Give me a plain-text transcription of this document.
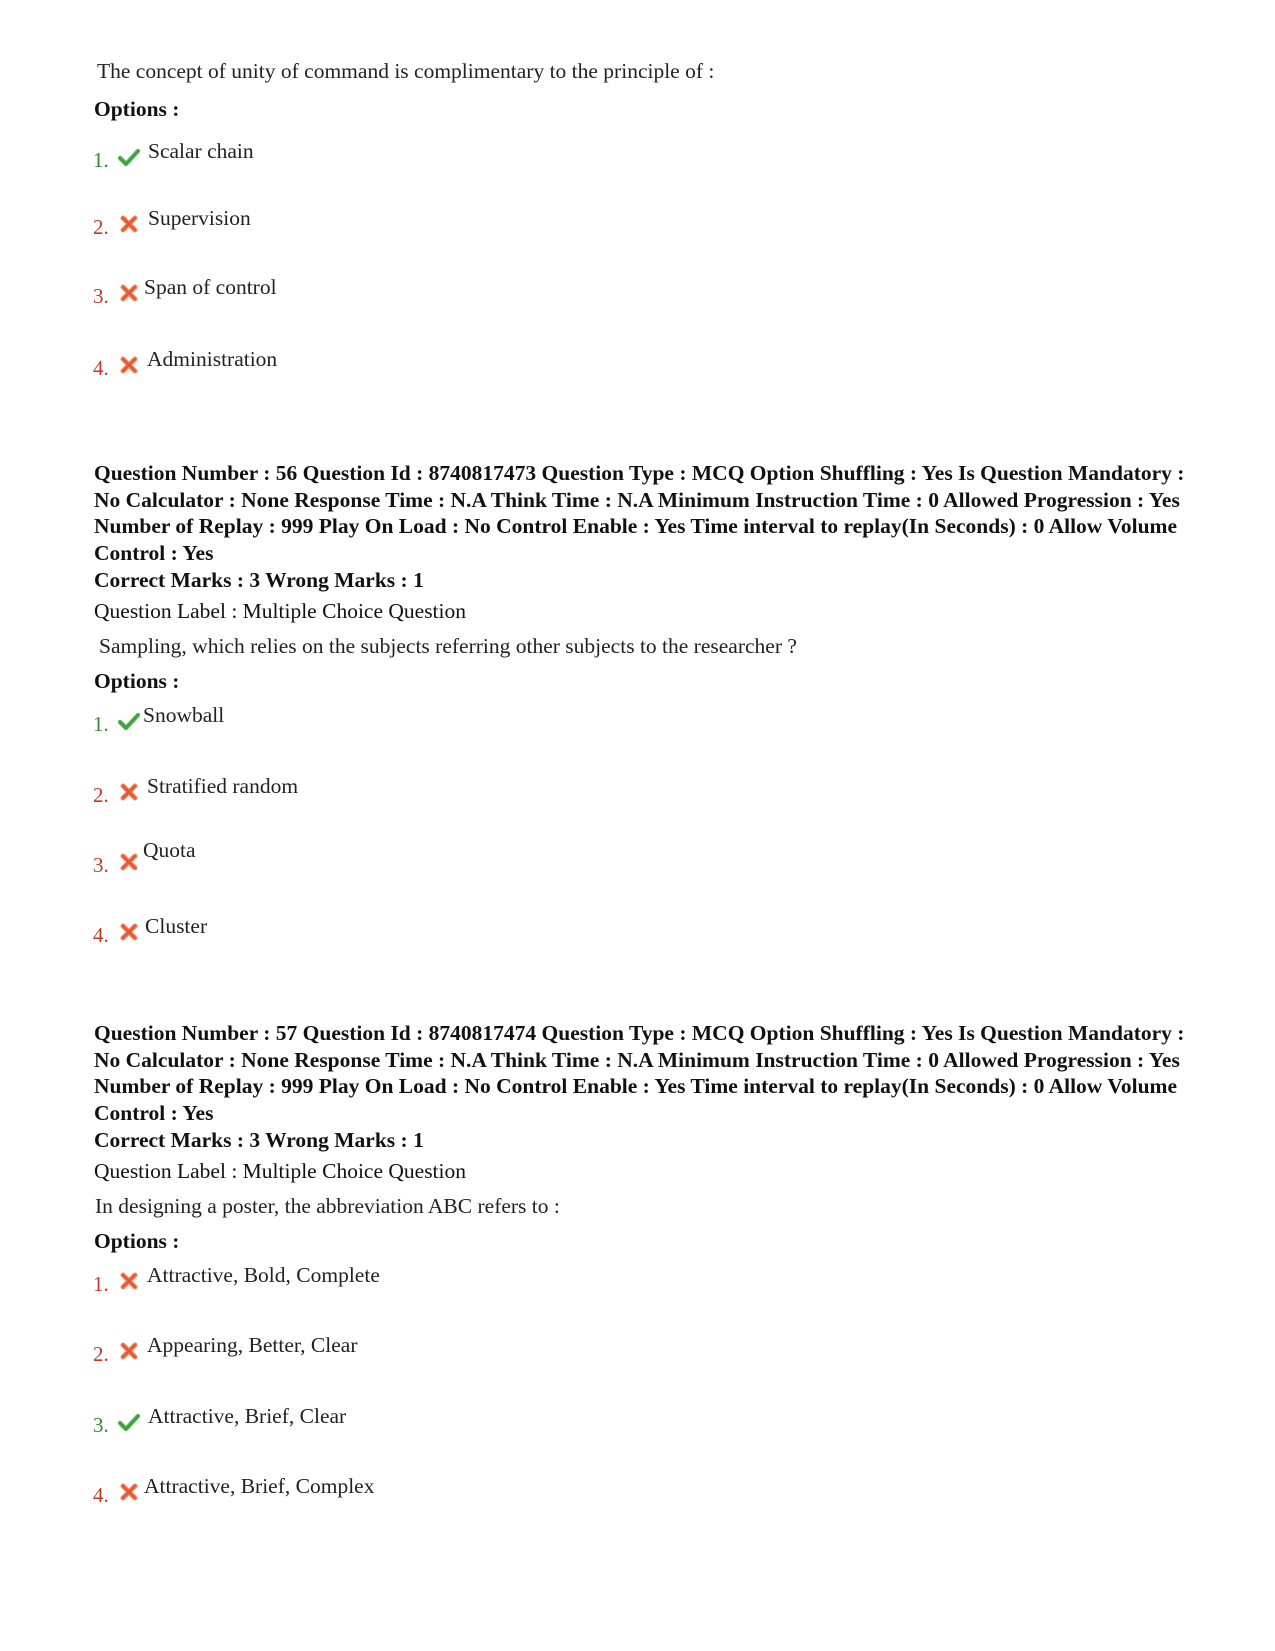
The concept of unity of command is complimentary to the principle of :
Options :
1. Scalar chain
2. Supervision
3. Span of control
4. Administration
Question Number : 56 Question Id : 8740817473 Question Type : MCQ Option Shuffling : Yes Is Question Mandatory : No Calculator : None Response Time : N.A Think Time : N.A Minimum Instruction Time : 0 Allowed Progression : Yes Number of Replay : 999 Play On Load : No Control Enable : Yes Time interval to replay(In Seconds) : 0 Allow Volume Control : Yes
Correct Marks : 3 Wrong Marks : 1
Question Label : Multiple Choice Question
Sampling, which relies on the subjects referring other subjects to the researcher ?
Options :
1. Snowball
2. Stratified random
3.
Quota
4. Cluster
Question Number : 57 Question Id : 8740817474 Question Type : MCQ Option Shuffling : Yes Is Question Mandatory : No Calculator : None Response Time : N.A Think Time : N.A Minimum Instruction Time : 0 Allowed Progression : Yes Number of Replay : 999 Play On Load : No Control Enable : Yes Time interval to replay(In Seconds) : 0 Allow Volume Control : Yes
Correct Marks : 3 Wrong Marks : 1
Question Label : Multiple Choice Question
In designing a poster, the abbreviation ABC refers to :
Options :
1. Attractive, Bold, Complete
2. Appearing, Better, Clear
3. Attractive, Brief, Clear
4. Attractive, Brief, Complex
